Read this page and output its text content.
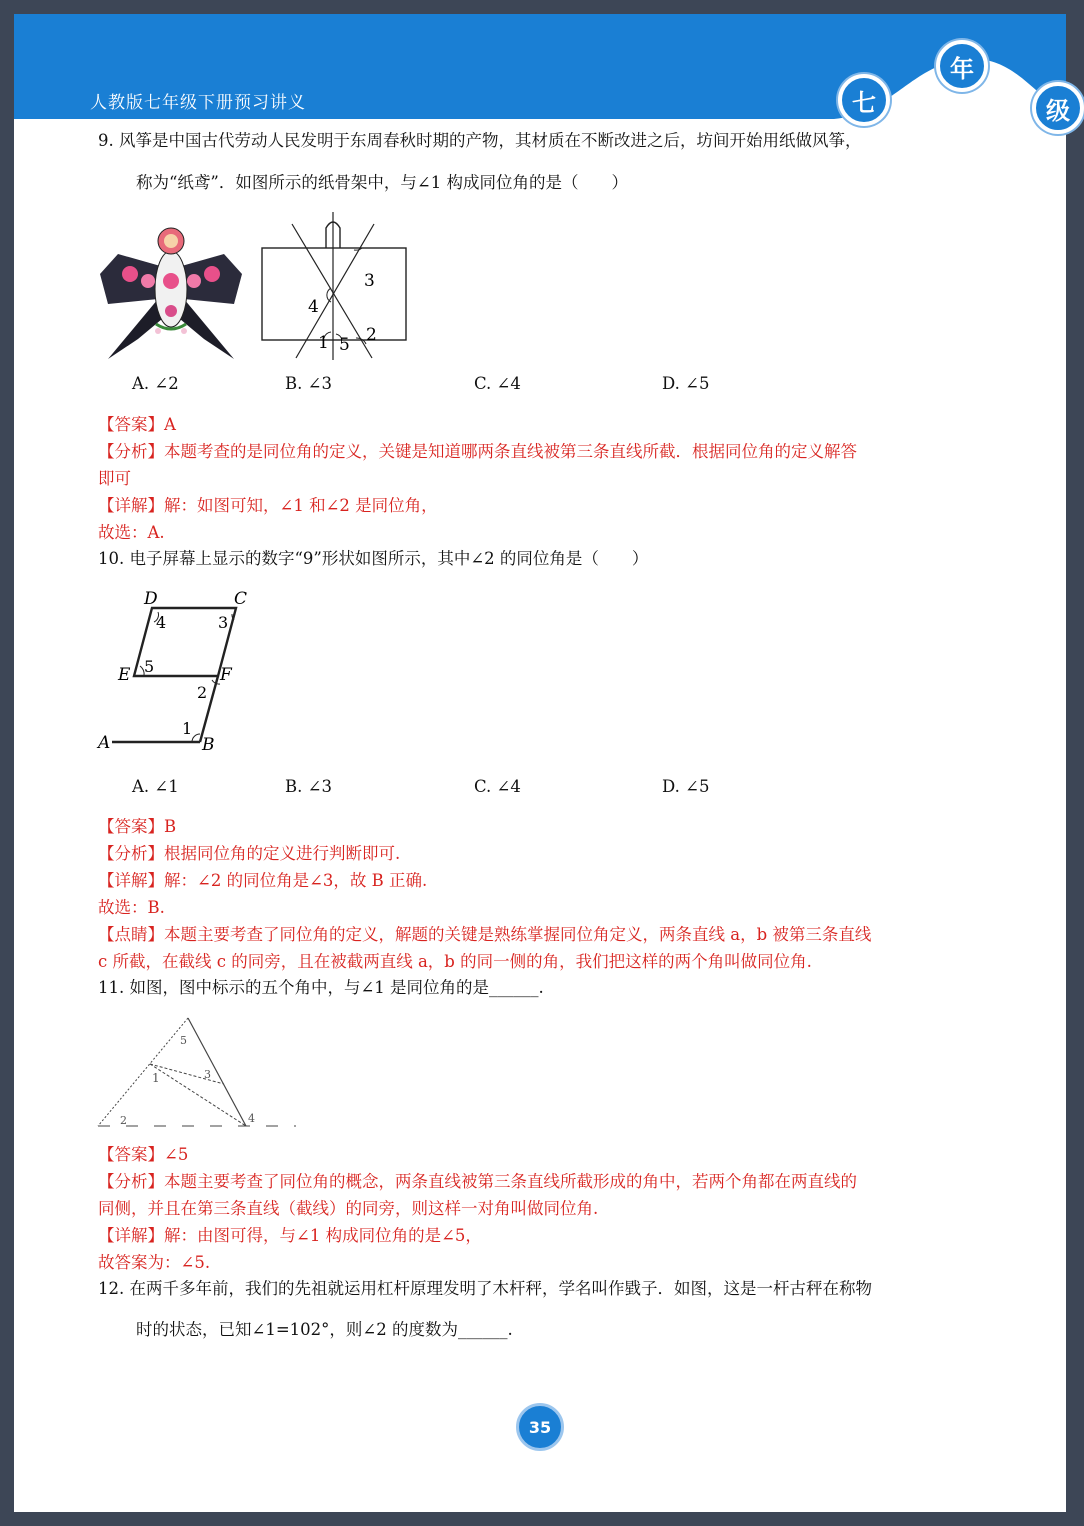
人教版七年级下册预习讲义	七
年
级
9. 风筝是中国古代劳动人民发明于东周春秋时期的产物，其材质在不断改进之后，坊间开始用纸做风筝，
称为“纸鸢”．如图所示的纸骨架中，与∠1 构成同位角的是（　　）
3
4
1 5 2
A. ∠2	B. ∠3	C. ∠4	D. ∠5
【答案】A
【分析】本题考查的是同位角的定义，关键是知道哪两条直线被第三条直线所截．根据同位角的定义解答
即可
【详解】解：如图可知，∠1 和∠2 是同位角，
故选：A.
10. 电子屏幕上显示的数字“9”形状如图所示，其中∠2 的同位角是（　　）
D	C
4	3
E 5	F
2
1
A	B
A. ∠1	B. ∠3	C. ∠4	D. ∠5
【答案】B
【分析】根据同位角的定义进行判断即可.
【详解】解：∠2 的同位角是∠3，故 B 正确.
故选：B.
【点睛】本题主要考查了同位角的定义，解题的关键是熟练掌握同位角定义，两条直线 a，b 被第三条直线
c 所截，在截线 c 的同旁，且在被截两直线 a，b 的同一侧的角，我们把这样的两个角叫做同位角.
11. 如图，图中标示的五个角中，与∠1 是同位角的是______.
5
1	3
2	4
【答案】∠5
【分析】本题主要考查了同位角的概念，两条直线被第三条直线所截形成的角中，若两个角都在两直线的
同侧，并且在第三条直线（截线）的同旁，则这样一对角叫做同位角.
【详解】解：由图可得，与∠1 构成同位角的是∠5，
故答案为：∠5.
12. 在两千多年前，我们的先祖就运用杠杆原理发明了木杆秤，学名叫作戥子．如图，这是一杆古秤在称物
时的状态，已知∠1=102°，则∠2 的度数为______.
35
